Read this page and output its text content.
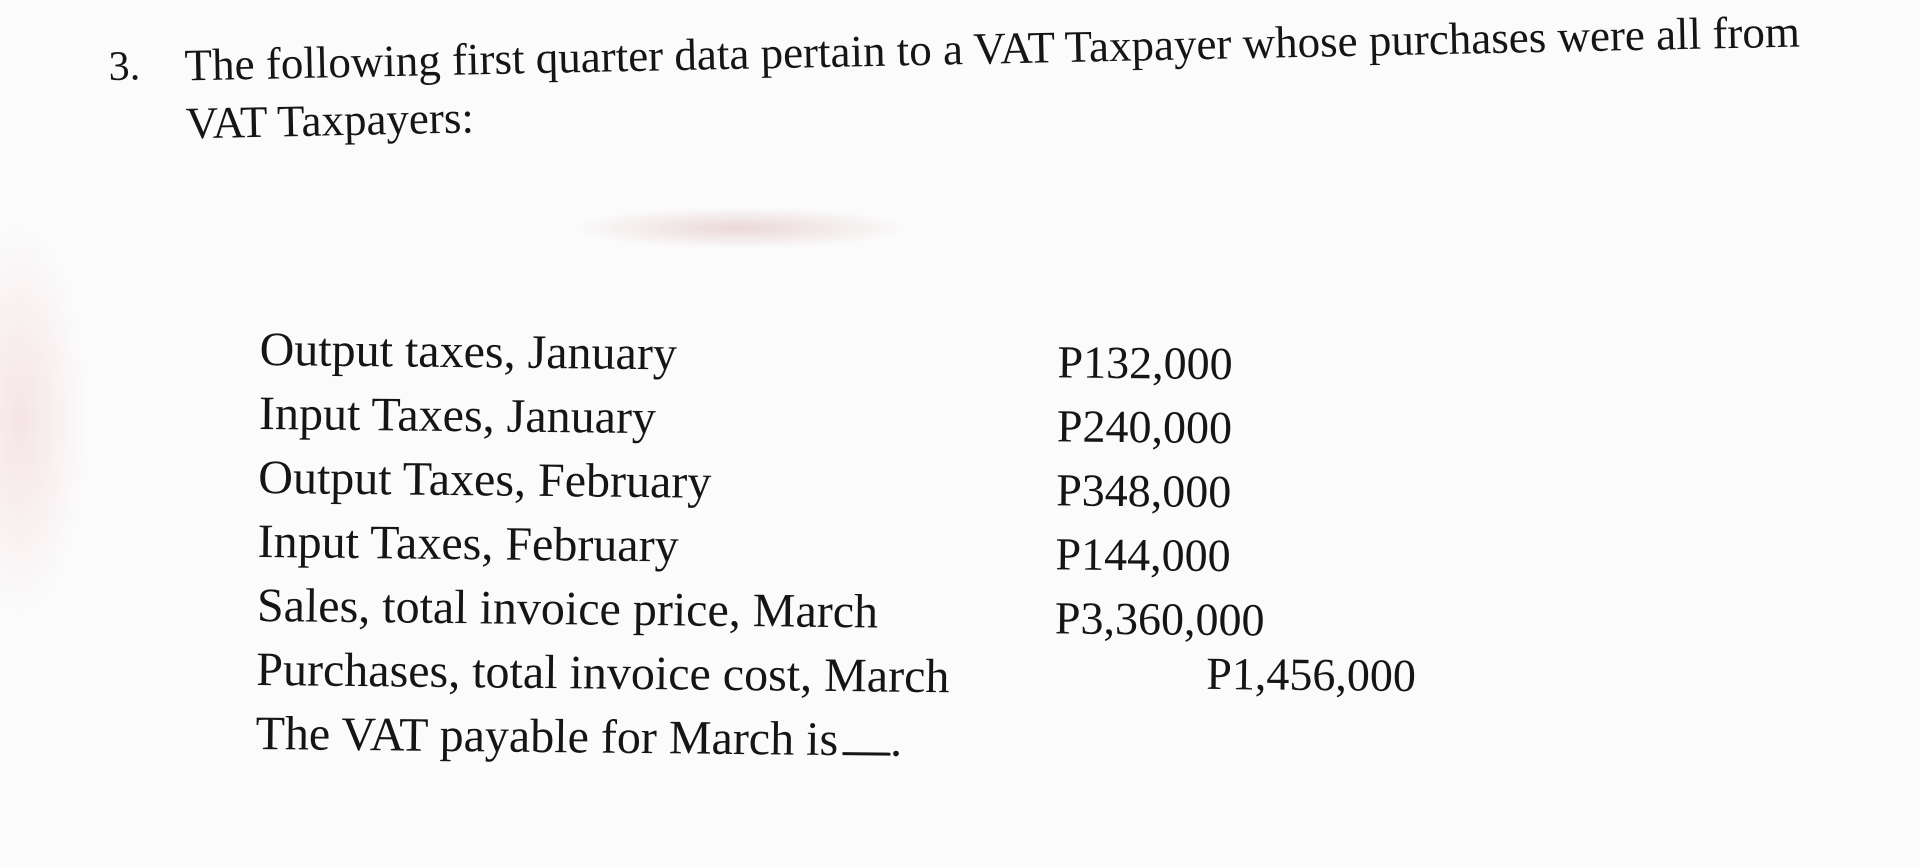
3. The following first quarter data pertain to a VAT Taxpayer whose purchases were all from VAT Taxpayers:
Output taxes, January	P132,000
Input Taxes, January	P240,000
Output Taxes, February	P348,000
Input Taxes, February	P144,000
Sales, total invoice price, March	P3,360,000
Purchases, total invoice cost, March	P1,456,000
The VAT payable for March is .
